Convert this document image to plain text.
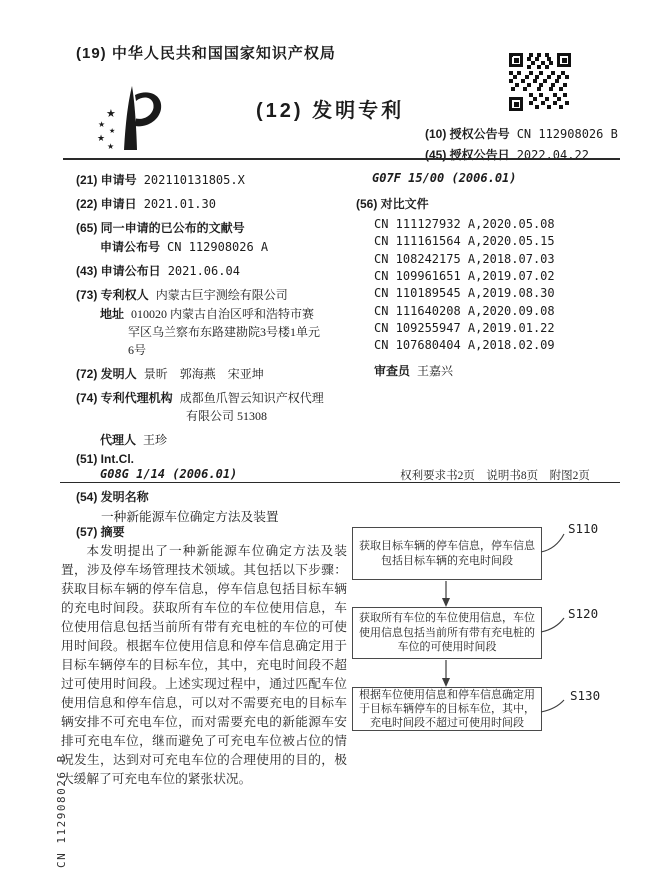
(19) 中华人民共和国国家知识产权局
★
★
★
★
★
(12) 发明专利
(10) 授权公告号 CN 112908026 B
(45) 授权公告日 2022.04.22
(21) 申请号 202110131805.X
(22) 申请日 2021.01.30
(65) 同一申请的已公布的文献号
申请公布号 CN 112908026 A
(43) 申请公布日 2021.06.04
(73) 专利权人 内蒙古巨宇测绘有限公司
地址 010020 内蒙古自治区呼和浩特市赛
罕区乌兰察布东路建勘院3号楼1单元
6号
(72) 发明人 景昕　郭海燕　宋亚坤
(74) 专利代理机构 成都鱼爪智云知识产权代理
有限公司 51308
代理人 王珍
(51) Int.Cl.
G08G 1/14 (2006.01)
G07F 15/00 (2006.01)
(56) 对比文件
CN 111127932 A,2020.05.08
CN 111161564 A,2020.05.15
CN 108242175 A,2018.07.03
CN 109961651 A,2019.07.02
CN 110189545 A,2019.08.30
CN 111640208 A,2020.09.08
CN 109255947 A,2019.01.22
CN 107680404 A,2018.02.09
审查员 王嘉兴
权利要求书2页　说明书8页　附图2页
(54) 发明名称
一种新能源车位确定方法及装置
(57) 摘要
本发明提出了一种新能源车位确定方法及装置，涉及停车场管理技术领域。其包括以下步骤：获取目标车辆的停车信息，停车信息包括目标车辆的充电时间段。获取所有车位的车位使用信息，车位使用信息包括当前所有带有充电桩的车位的可使用时间段。根据车位使用信息和停车信息确定用于目标车辆停车的目标车位，其中，充电时间段不超过可使用时间段。上述实现过程中，通过匹配车位使用信息和停车信息，可以对不需要充电的目标车辆安排不可充电车位，而对需要充电的新能源车安排可充电车位，继而避免了可充电车位被占位的情况发生，达到对可充电车位的合理使用的目的，极大缓解了可充电车位的紧张状况。
获取目标车辆的停车信息，停车信息包括目标车辆的充电时间段
获取所有车位的车位使用信息，车位使用信息包括当前所有带有充电桩的车位的可使用时间段
根据车位使用信息和停车信息确定用于目标车辆停车的目标车位，其中，充电时间段不超过可使用时间段
S110
S120
S130
CN 112908026 B
